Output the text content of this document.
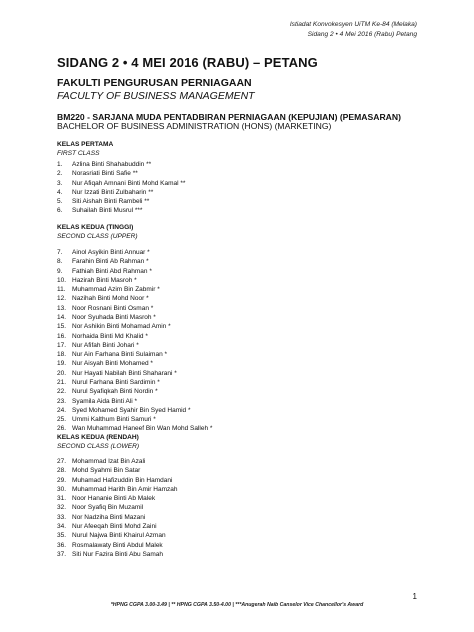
Istiadat Konvokesyen UiTM Ke-84 (Melaka)
Sidang 2 • 4 Mei 2016 (Rabu) Petang
SIDANG 2 • 4 MEI 2016 (RABU) – PETANG
FAKULTI PENGURUSAN PERNIAGAAN
FACULTY OF BUSINESS MANAGEMENT
BM220 - SARJANA MUDA PENTADBIRAN PERNIAGAAN (KEPUJIAN) (PEMASARAN)
BACHELOR OF BUSINESS ADMINISTRATION (HONS) (MARKETING)
KELAS PERTAMA
FIRST CLASS
1. Azlina Binti Shahabuddin **
2. Norasriati Binti Safie **
3. Nur Afiqah Amnani Binti Mohd Kamal **
4. Nur Izzati Binti Zulbaharin **
5. Siti Aishah Binti Rambeli **
6. Suhailah Binti Musrul ***
KELAS KEDUA (TINGGI)
SECOND CLASS (UPPER)
7. Ainol Asyikin Binti Annuar *
8. Farahin Binti Ab Rahman *
9. Fathiah Binti Abd Rahman *
10. Hazirah Binti Masroh *
11. Muhammad Azim Bin Zabmir *
12. Nazihah Binti Mohd Noor *
13. Noor Rosnani Binti Osman *
14. Noor Syuhada Binti Masroh *
15. Nor Ashikin Binti Mohamad Amin *
16. Norhaida Binti Md Khalid *
17. Nur Afifah Binti Johari *
18. Nur Ain Farhana Binti Sulaiman *
19. Nur Aisyah Binti Mohamed *
20. Nur Hayati Nabilah Binti Shaharani *
21. Nurul Farhana Binti Sardimin *
22. Nurul Syafiqkah Binti Nordin *
23. Syamila Aida Binti Ali *
24. Syed Mohamed Syahir Bin Syed Hamid *
25. Ummi Kalthum Binti Samuri *
26. Wan Muhammad Haneef Bin Wan Mohd Salleh *
KELAS KEDUA (RENDAH)
SECOND CLASS (LOWER)
27. Mohammad Izat Bin Azali
28. Mohd Syahmi Bin Satar
29. Muhamad Hafizuddin Bin Hamdani
30. Muhammad Harith Bin Amir Hamzah
31. Noor Hananie Binti Ab Malek
32. Noor Syafiq Bin Muzamil
33. Nor Nadziha Binti Mazani
34. Nur Afeeqah Binti Mohd Zaini
35. Nurul Najwa Binti Khairul Azman
36. Rosmalawaty Binti Abdul Malek
37. Siti Nur Fazira Binti Abu Samah
1
*HPNG CGPA 3.00-3.49 | ** HPNG CGPA 3.50-4.00 | ***Anugerah Naib Canselor Vice Chancellor's Award
